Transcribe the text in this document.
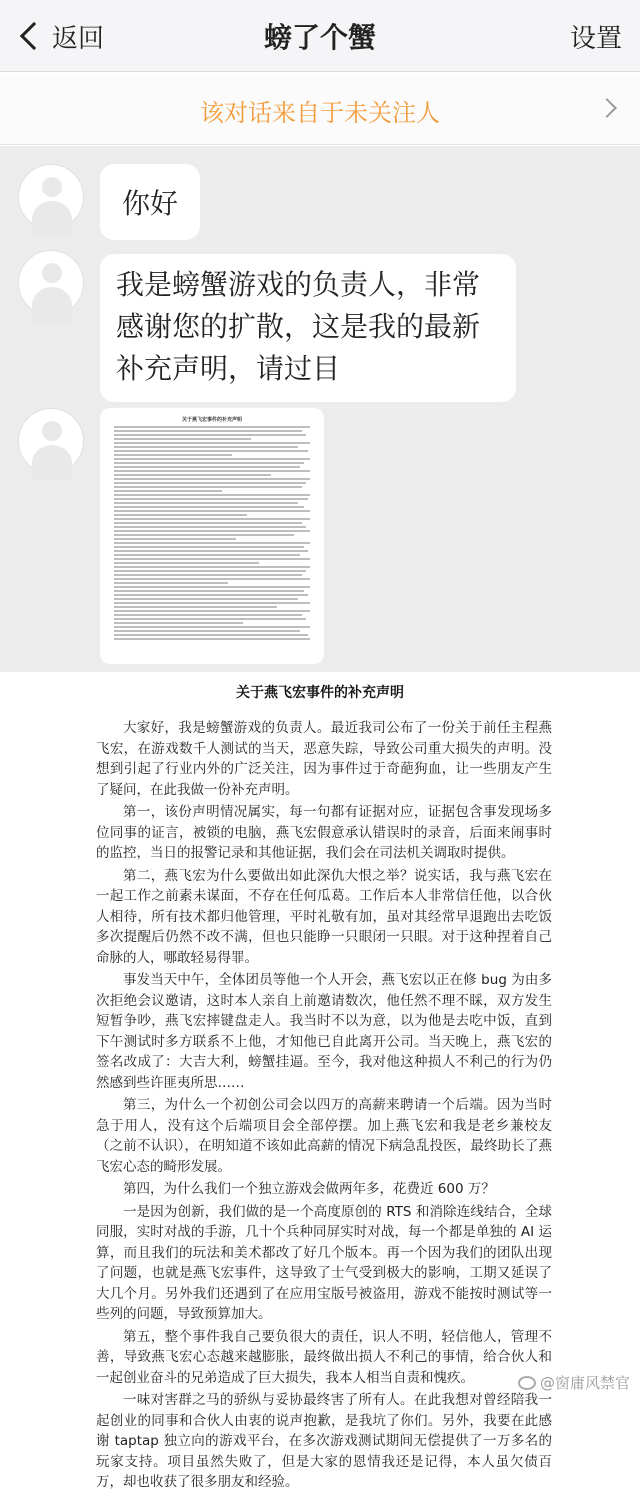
返回	螃了个蟹	设置
该对话来自于未关注人
你好
我是螃蟹游戏的负责人，非常感谢您的扩散，这是我的最新补充声明，请过目
关于燕飞宏事件的补充声明
关于燕飞宏事件的补充声明

大家好，我是螃蟹游戏的负责人。最近我司公布了一份关于前任主程燕飞宏，在游戏数千人测试的当天，恶意失踪，导致公司重大损失的声明。没想到引起了行业内外的广泛关注，因为事件过于奇葩狗血，让一些朋友产生了疑问，在此我做一份补充声明。

第一，该份声明情况属实，每一句都有证据对应，证据包含事发现场多位同事的证言，被锁的电脑，燕飞宏假意承认错误时的录音，后面来闹事时的监控，当日的报警记录和其他证据，我们会在司法机关调取时提供。

第二，燕飞宏为什么要做出如此深仇大恨之举？说实话，我与燕飞宏在一起工作之前素未谋面，不存在任何瓜葛。工作后本人非常信任他，以合伙人相待，所有技术都归他管理，平时礼敬有加，虽对其经常早退跑出去吃饭多次提醒后仍然不改不满，但也只能睁一只眼闭一只眼。对于这种捏着自己命脉的人，哪敢轻易得罪。

事发当天中午，全体团员等他一个人开会，燕飞宏以正在修 bug 为由多次拒绝会议邀请，这时本人亲自上前邀请数次，他任然不理不睬，双方发生短暂争吵，燕飞宏摔键盘走人。我当时不以为意，以为他是去吃中饭，直到下午测试时多方联系不上他，才知他已自此离开公司。当天晚上，燕飞宏的签名改成了：大吉大利，螃蟹挂逼。至今，我对他这种损人不利己的行为仍然感到些许匪夷所思……

第三，为什么一个初创公司会以四万的高薪来聘请一个后端。因为当时急于用人，没有这个后端项目会全部停摆。加上燕飞宏和我是老乡兼校友（之前不认识），在明知道不该如此高薪的情况下病急乱投医，最终助长了燕飞宏心态的畸形发展。

第四，为什么我们一个独立游戏会做两年多，花费近 600 万？

一是因为创新，我们做的是一个高度原创的 RTS 和消除连线结合，全球同服，实时对战的手游，几十个兵种同屏实时对战，每一个都是单独的 AI 运算，而且我们的玩法和美术都改了好几个版本。再一个因为我们的团队出现了问题，也就是燕飞宏事件，这导致了士气受到极大的影响，工期又延误了大几个月。另外我们还遇到了在应用宝版号被盗用，游戏不能按时测试等一些列的问题，导致预算加大。

第五，整个事件我自己要负很大的责任，识人不明，轻信他人，管理不善，导致燕飞宏心态越来越膨胀，最终做出损人不利己的事情，给合伙人和一起创业奋斗的兄弟造成了巨大损失，我本人相当自责和愧疚。

一味对害群之马的骄纵与妥协最终害了所有人。在此我想对曾经陪我一起创业的同事和合伙人由衷的说声抱歉，是我坑了你们。另外，我要在此感谢 taptap 独立向的游戏平台，在多次游戏测试期间无偿提供了一万多名的玩家支持。项目虽然失败了，但是大家的恩情我还是记得，本人虽欠债百万，却也收获了很多朋友和经验。

@窗庸风禁官
